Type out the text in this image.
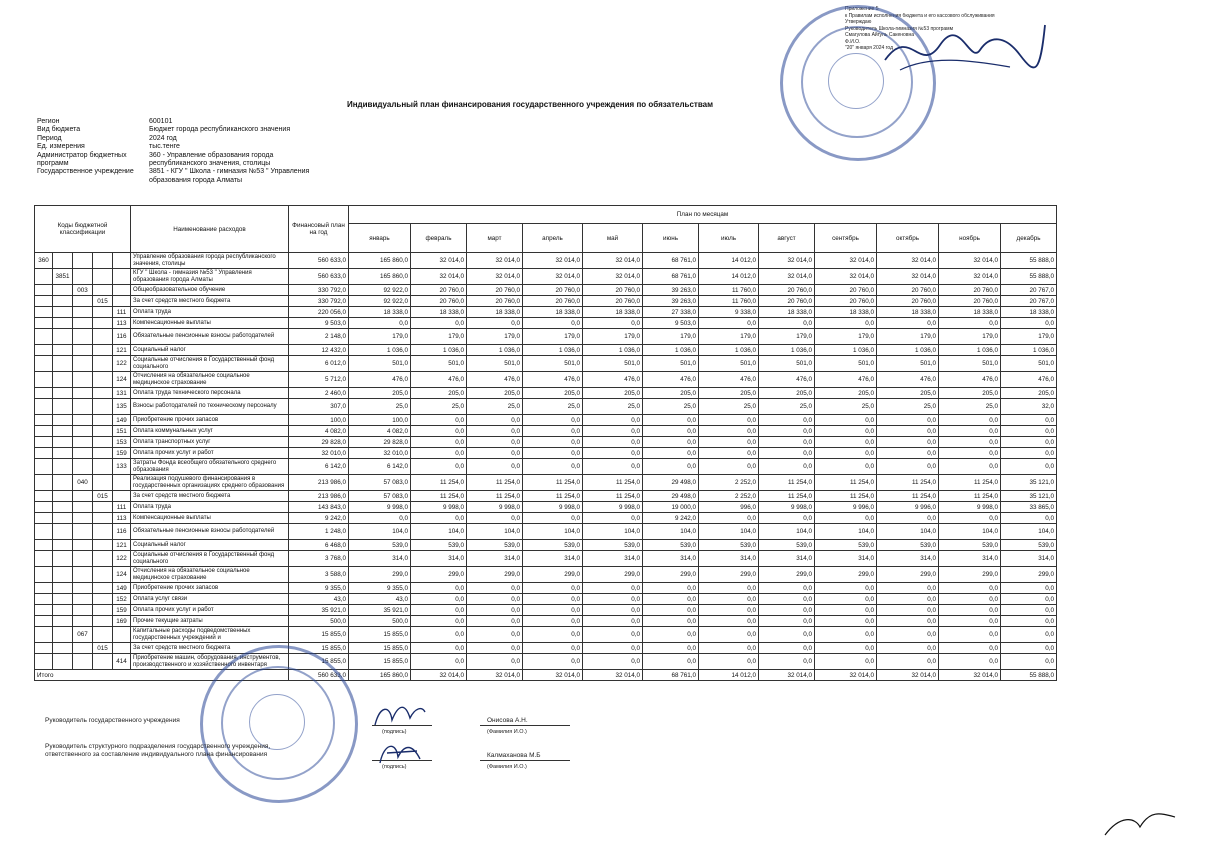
Приложение 5
к Правилам исполнения бюджета и его кассового обслуживания
Утверждаю
Руководитель Школа-гимназия №53 программ
Смагулова Айгуль Сакеновна
Ф.И.О.
"20" января 2024 год
Индивидуальный план финансирования государственного учреждения по обязательствам
Регион	600101
Вид бюджета	Бюджет города республиканского значения
Период	2024 год
Ед. измерения	тыс.тенге
Администратор бюджетных программ
360 - Управление образования города республиканского значения, столицы
Государственное учреждение	3851 - КГУ " Школа - гимназия №53 " Управления образования города Алматы
Коды бюджетной классификации					Наименование расходов	Финансовый план на год	План по месяцам											
							январь	февраль	март	апрель	май	июнь	июль	август	сентябрь	октябрь	ноябрь	декабрь
360					Управление образования города республиканского значения, столицы	560 633,0	165 860,0	32 014,0	32 014,0	32 014,0	32 014,0	68 761,0	14 012,0	32 014,0	32 014,0	32 014,0	32 014,0	55 888,0
	3851				КГУ " Школа - гимназия №53 " Управления образования города Алматы	560 633,0	165 860,0	32 014,0	32 014,0	32 014,0	32 014,0	68 761,0	14 012,0	32 014,0	32 014,0	32 014,0	32 014,0	55 888,0
		003			Общеобразовательное обучение	330 792,0	92 922,0	20 760,0	20 760,0	20 760,0	20 760,0	39 263,0	11 760,0	20 760,0	20 760,0	20 760,0	20 760,0	20 767,0
			015		За счет средств местного бюджета	330 792,0	92 922,0	20 760,0	20 760,0	20 760,0	20 760,0	39 263,0	11 760,0	20 760,0	20 760,0	20 760,0	20 760,0	20 767,0
				111	Оплата труда	220 056,0	18 338,0	18 338,0	18 338,0	18 338,0	18 338,0	27 338,0	9 338,0	18 338,0	18 338,0	18 338,0	18 338,0	18 338,0
				113	Компенсационные выплаты	9 503,0	0,0	0,0	0,0	0,0	0,0	9 503,0	0,0	0,0	0,0	0,0	0,0	0,0
				116	Обязательные пенсионные взносы работодателей	2 148,0	179,0	179,0	179,0	179,0	179,0	179,0	179,0	179,0	179,0	179,0	179,0	179,0
				121	Социальный налог	12 432,0	1 036,0	1 036,0	1 036,0	1 036,0	1 036,0	1 036,0	1 036,0	1 036,0	1 036,0	1 036,0	1 036,0	1 036,0
				122	Социальные отчисления в Государственный фонд социального	6 012,0	501,0	501,0	501,0	501,0	501,0	501,0	501,0	501,0	501,0	501,0	501,0	501,0
				124	Отчисления на обязательное социальное медицинское страхование	5 712,0	476,0	476,0	476,0	476,0	476,0	476,0	476,0	476,0	476,0	476,0	476,0	476,0
				131	Оплата труда технического персонала	2 460,0	205,0	205,0	205,0	205,0	205,0	205,0	205,0	205,0	205,0	205,0	205,0	205,0
				135	Взносы работодателей по техническому персоналу	307,0	25,0	25,0	25,0	25,0	25,0	25,0	25,0	25,0	25,0	25,0	25,0	32,0
				149	Приобретение прочих запасов	100,0	100,0	0,0	0,0	0,0	0,0	0,0	0,0	0,0	0,0	0,0	0,0	0,0
				151	Оплата коммунальных услуг	4 082,0	4 082,0	0,0	0,0	0,0	0,0	0,0	0,0	0,0	0,0	0,0	0,0	0,0
				153	Оплата транспортных услуг	29 828,0	29 828,0	0,0	0,0	0,0	0,0	0,0	0,0	0,0	0,0	0,0	0,0	0,0
				159	Оплата прочих услуг и работ	32 010,0	32 010,0	0,0	0,0	0,0	0,0	0,0	0,0	0,0	0,0	0,0	0,0	0,0
				133	Затраты Фонда всеобщего обязательного среднего образования	6 142,0	6 142,0	0,0	0,0	0,0	0,0	0,0	0,0	0,0	0,0	0,0	0,0	0,0
		040			Реализация подушевого финансирования в государственных организациях среднего образования	213 986,0	57 083,0	11 254,0	11 254,0	11 254,0	11 254,0	29 498,0	2 252,0	11 254,0	11 254,0	11 254,0	11 254,0	35 121,0
			015		За счет средств местного бюджета	213 986,0	57 083,0	11 254,0	11 254,0	11 254,0	11 254,0	29 498,0	2 252,0	11 254,0	11 254,0	11 254,0	11 254,0	35 121,0
				111	Оплата труда	143 843,0	9 998,0	9 998,0	9 998,0	9 998,0	9 998,0	19 000,0	996,0	9 998,0	9 996,0	9 996,0	9 998,0	33 865,0
				113	Компенсационные выплаты	9 242,0	0,0	0,0	0,0	0,0	0,0	9 242,0	0,0	0,0	0,0	0,0	0,0	0,0
				116	Обязательные пенсионные взносы работодателей	1 248,0	104,0	104,0	104,0	104,0	104,0	104,0	104,0	104,0	104,0	104,0	104,0	104,0
				121	Социальный налог	6 468,0	539,0	539,0	539,0	539,0	539,0	539,0	539,0	539,0	539,0	539,0	539,0	539,0
				122	Социальные отчисления в Государственный фонд социального	3 768,0	314,0	314,0	314,0	314,0	314,0	314,0	314,0	314,0	314,0	314,0	314,0	314,0
				124	Отчисления на обязательное социальное медицинское страхование	3 588,0	299,0	299,0	299,0	299,0	299,0	299,0	299,0	299,0	299,0	299,0	299,0	299,0
				149	Приобретение прочих запасов	9 355,0	9 355,0	0,0	0,0	0,0	0,0	0,0	0,0	0,0	0,0	0,0	0,0	0,0
				152	Оплата услуг связи	43,0	43,0	0,0	0,0	0,0	0,0	0,0	0,0	0,0	0,0	0,0	0,0	0,0
				159	Оплата прочих услуг и работ	35 921,0	35 921,0	0,0	0,0	0,0	0,0	0,0	0,0	0,0	0,0	0,0	0,0	0,0
				169	Прочие текущие затраты	500,0	500,0	0,0	0,0	0,0	0,0	0,0	0,0	0,0	0,0	0,0	0,0	0,0
		067			Капитальные расходы подведомственных государственных учреждений и	15 855,0	15 855,0	0,0	0,0	0,0	0,0	0,0	0,0	0,0	0,0	0,0	0,0	0,0
			015		За счет средств местного бюджета	15 855,0	15 855,0	0,0	0,0	0,0	0,0	0,0	0,0	0,0	0,0	0,0	0,0	0,0
				414	Приобретение машин, оборудования, инструментов, производственного и хозяйственного инвентаря	15 855,0	15 855,0	0,0	0,0	0,0	0,0	0,0	0,0	0,0	0,0	0,0	0,0	0,0
Итого						560 633,0	165 860,0	32 014,0	32 014,0	32 014,0	32 014,0	68 761,0	14 012,0	32 014,0	32 014,0	32 014,0	32 014,0	55 888,0
Руководитель государственного учреждения
(подпись)
Онисова А.Н.
(Фамилия И.О.)
Руководитель структурного подразделения государственного учреждения,
ответственного за составление индивидуального плана финансирования
(подпись)
Калмаханова М.Б
(Фамилия И.О.)
